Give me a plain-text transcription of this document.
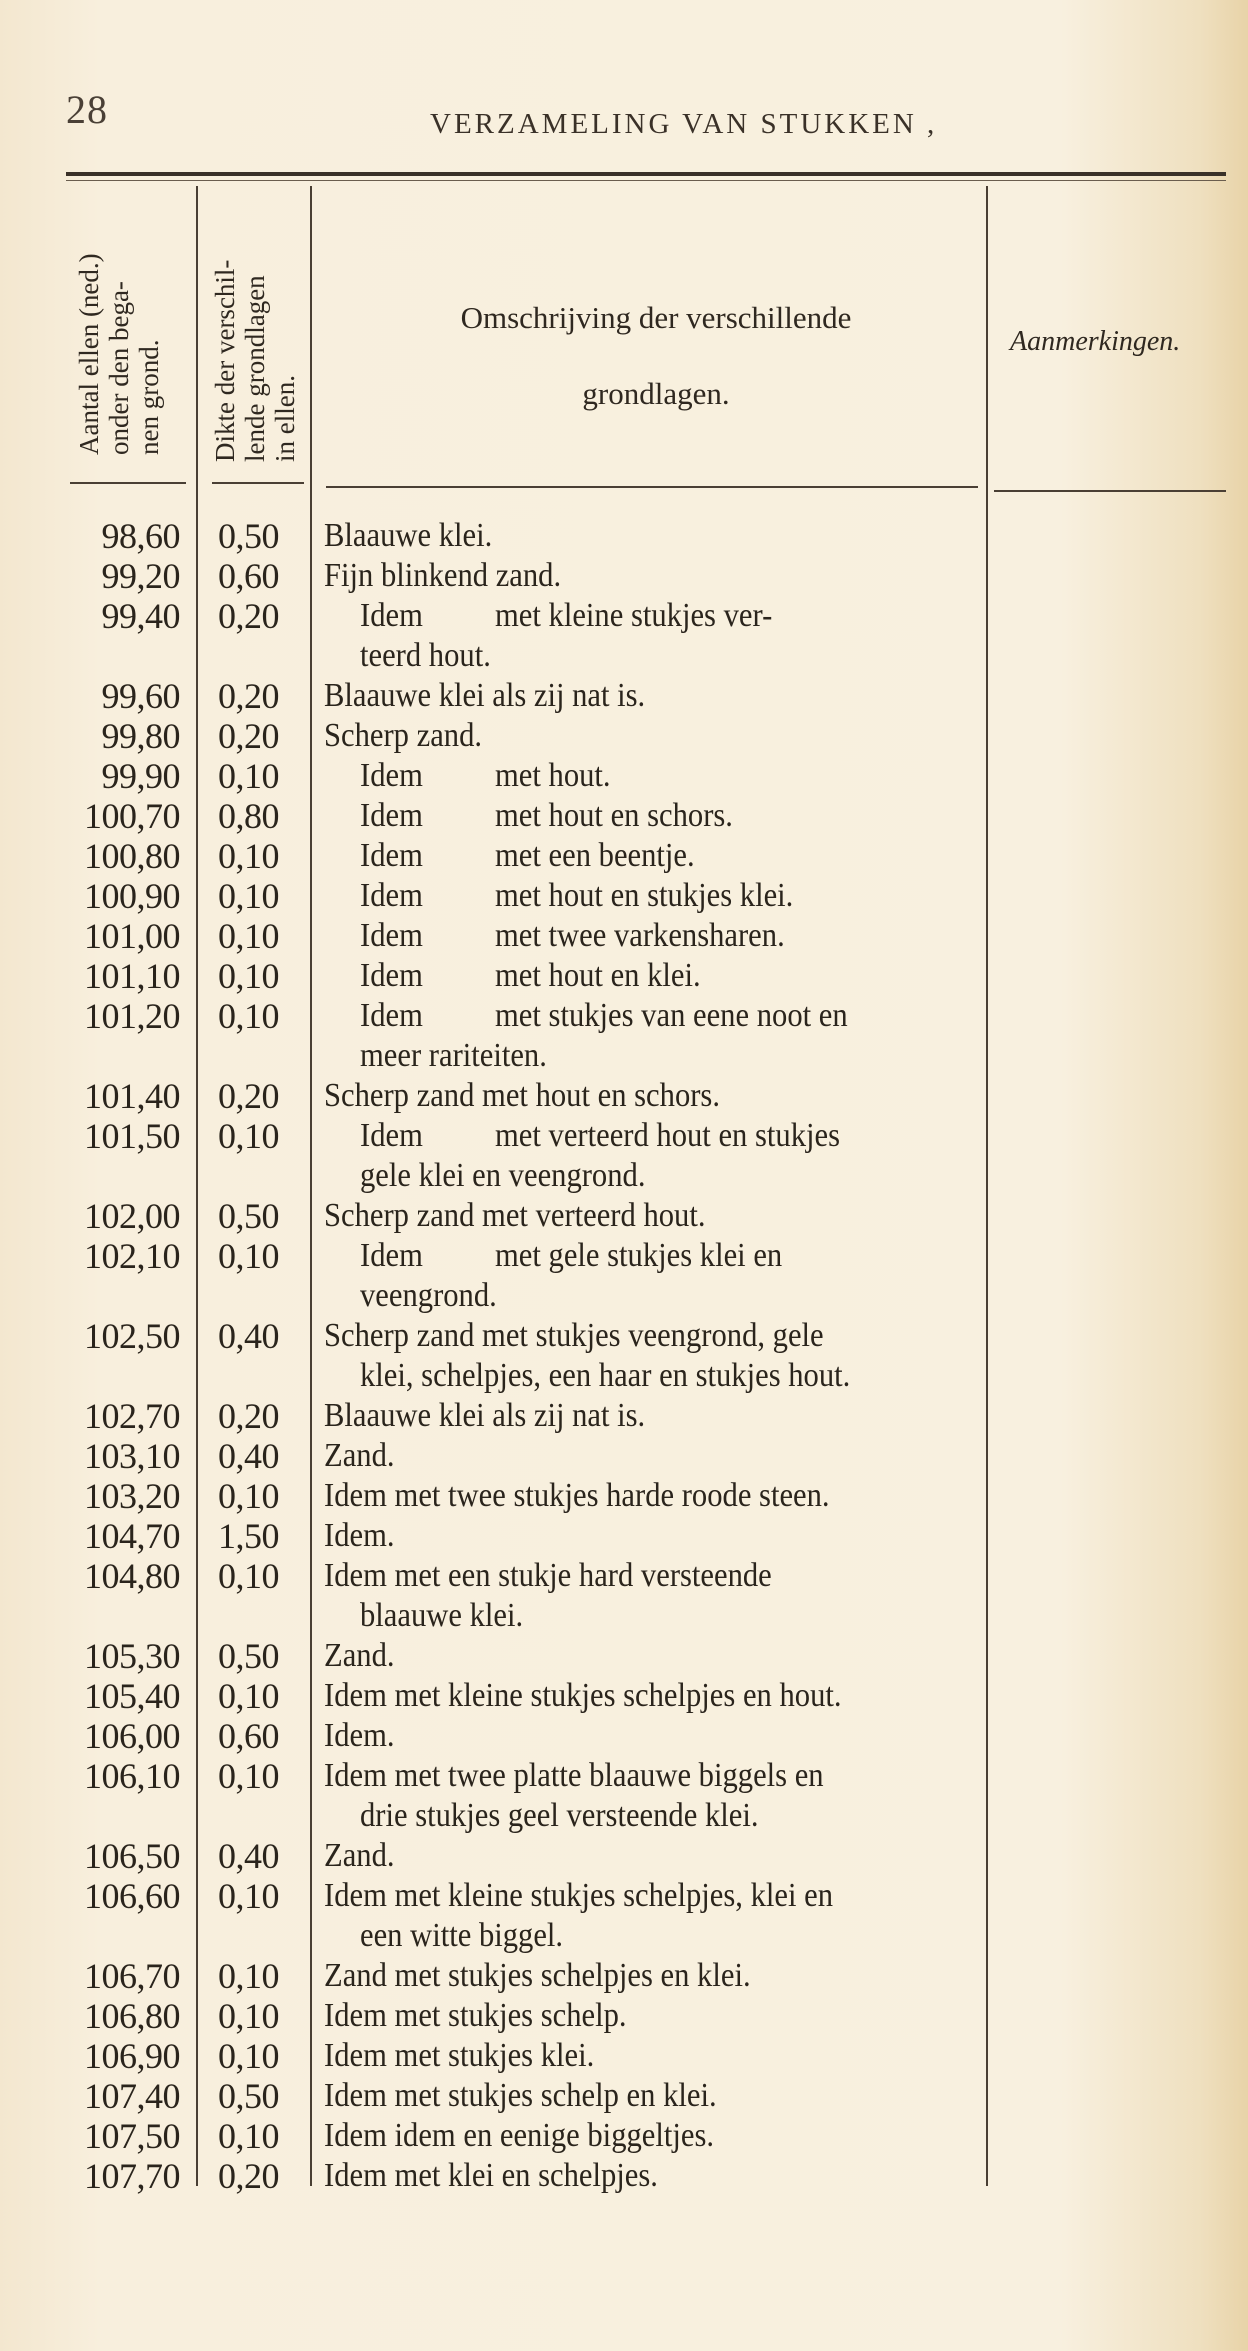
28	VERZAMELING VAN STUKKEN ,
Aantal ellen (ned.) onder den bega- nen grond. Dikte der verschil- lende grondlagen in ellen.
Omschrijving der verschillende
grondlagen.
Aanmerkingen.
98,60 0,50 Blaauwe klei.
99,20 0,60 Fijn blinkend zand.
99,40 0,20	Idem met kleine stukjes ver-
teerd hout.
99,60 0,20 Blaauwe klei als zij nat is.
99,80 0,20 Scherp zand.
99,90 0,10	Idem met hout.
100,70 0,80	Idem met hout en schors.
100,80 0,10	Idem met een beentje.
100,90 0,10	Idem met hout en stukjes klei.
101,00 0,10	Idem met twee varkensharen.
101,10 0,10	Idem met hout en klei.
101,20 0,10	Idem met stukjes van eene noot en
meer rariteiten.
101,40 0,20 Scherp zand met hout en schors.
101,50 0,10	Idem met verteerd hout en stukjes
gele klei en veengrond.
102,00 0,50 Scherp zand met verteerd hout.
102,10 0,10	Idem met gele stukjes klei en
veengrond.
102,50 0,40 Scherp zand met stukjes veengrond, gele
klei, schelpjes, een haar en stukjes hout.
102,70 0,20 Blaauwe klei als zij nat is.
103,10 0,40 Zand.
103,20 0,10 Idem met twee stukjes harde roode steen.
104,70 1,50 Idem.
104,80 0,10 Idem met een stukje hard versteende
blaauwe klei.
105,30 0,50 Zand.
105,40 0,10 Idem met kleine stukjes schelpjes en hout.
106,00 0,60 Idem.
106,10 0,10 Idem met twee platte blaauwe biggels en
drie stukjes geel versteende klei.
106,50 0,40 Zand.
106,60 0,10 Idem met kleine stukjes schelpjes, klei en
een witte biggel.
106,70 0,10 Zand met stukjes schelpjes en klei.
106,80 0,10 Idem met stukjes schelp.
106,90 0,10 Idem met stukjes klei.
107,40 0,50 Idem met stukjes schelp en klei.
107,50 0,10 Idem idem en eenige biggeltjes.
107,70 0,20 Idem met klei en schelpjes.
